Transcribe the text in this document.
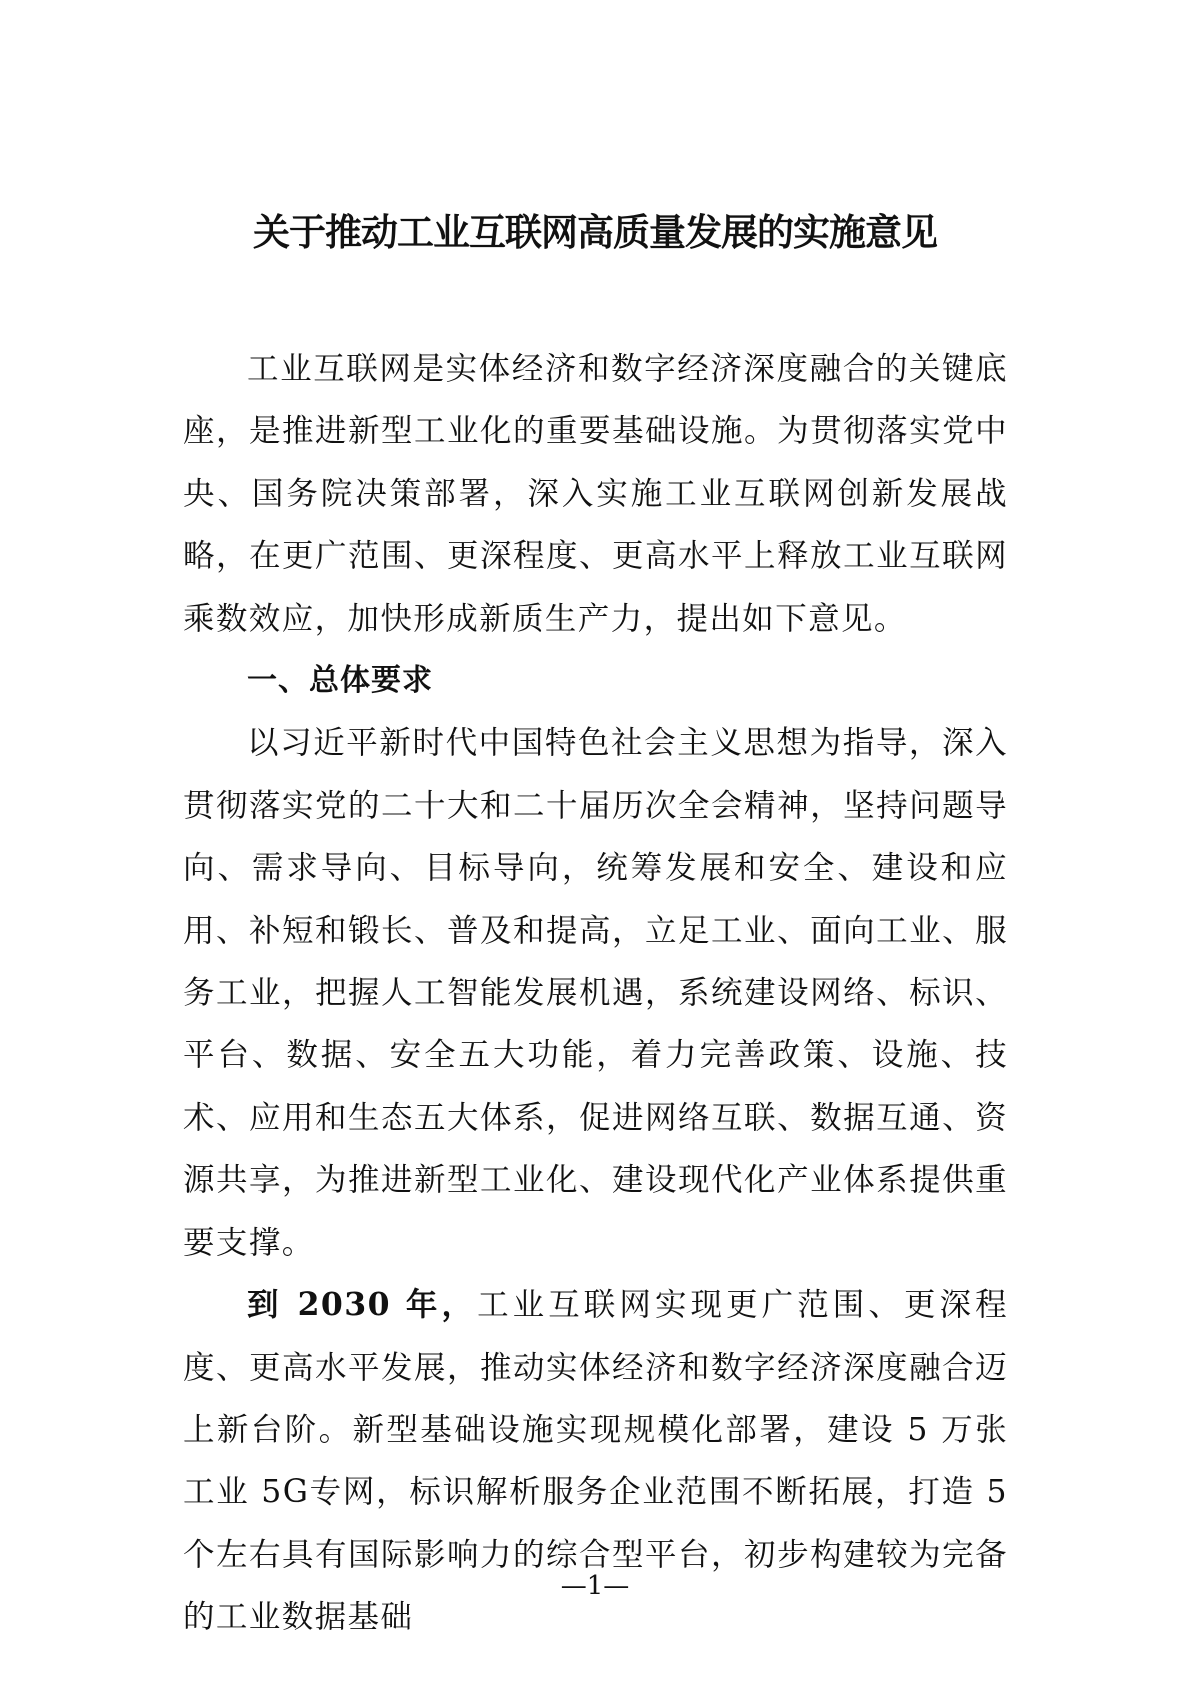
关于推动工业互联网高质量发展的实施意见

工业互联网是实体经济和数字经济深度融合的关键底座，是推进新型工业化的重要基础设施。为贯彻落实党中央、国务院决策部署，深入实施工业互联网创新发展战略，在更广范围、更深程度、更高水平上释放工业互联网乘数效应，加快形成新质生产力，提出如下意见。

一、总体要求

以习近平新时代中国特色社会主义思想为指导，深入贯彻落实党的二十大和二十届历次全会精神，坚持问题导向、需求导向、目标导向，统筹发展和安全、建设和应用、补短和锻长、普及和提高，立足工业、面向工业、服务工业，把握人工智能发展机遇，系统建设网络、标识、平台、数据、安全五大功能，着力完善政策、设施、技术、应用和生态五大体系，促进网络互联、数据互通、资源共享，为推进新型工业化、建设现代化产业体系提供重要支撑。

到 2030 年，工业互联网实现更广范围、更深程度、更高水平发展，推动实体经济和数字经济深度融合迈上新台阶。新型基础设施实现规模化部署，建设 5 万张工业 5G专网，标识解析服务企业范围不断拓展，打造 5 个左右具有国际影响力的综合型平台，初步构建较为完备的工业数据基础

—1—
